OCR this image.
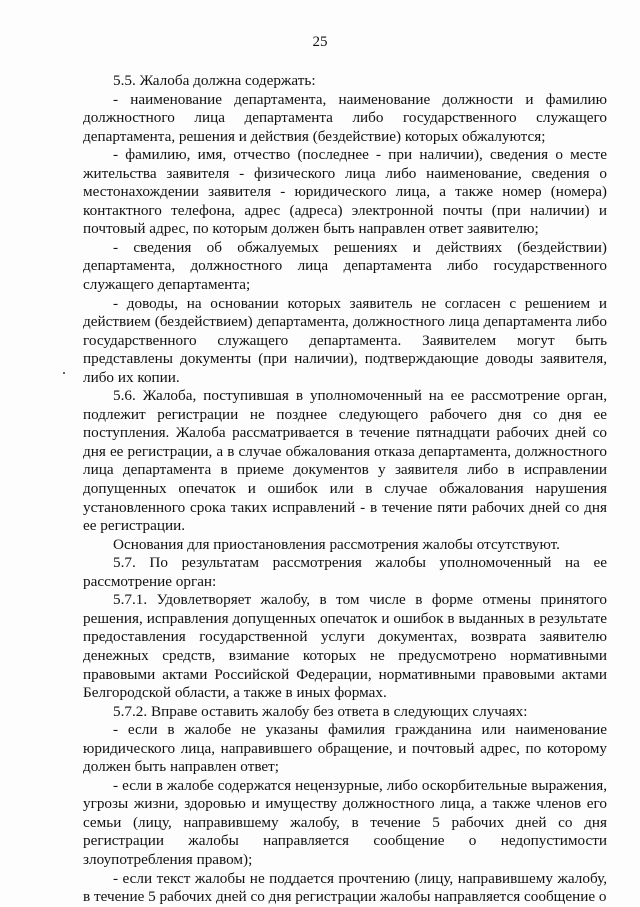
25

5.5. Жалоба должна содержать:

- наименование департамента, наименование должности и фамилию должностного лица департамента либо государственного служащего департамента, решения и действия (бездействие) которых обжалуются;

- фамилию, имя, отчество (последнее - при наличии), сведения о месте жительства заявителя - физического лица либо наименование, сведения о местонахождении заявителя - юридического лица, а также номер (номера) контактного телефона, адрес (адреса) электронной почты (при наличии) и почтовый адрес, по которым должен быть направлен ответ заявителю;

- сведения об обжалуемых решениях и действиях (бездействии) департамента, должностного лица департамента либо государственного служащего департамента;

- доводы, на основании которых заявитель не согласен с решением и действием (бездействием) департамента, должностного лица департамента либо государственного служащего департамента. Заявителем могут быть представлены документы (при наличии), подтверждающие доводы заявителя, либо их копии.

5.6. Жалоба, поступившая в уполномоченный на ее рассмотрение орган, подлежит регистрации не позднее следующего рабочего дня со дня ее поступления. Жалоба рассматривается в течение пятнадцати рабочих дней со дня ее регистрации, а в случае обжалования отказа департамента, должностного лица департамента в приеме документов у заявителя либо в исправлении допущенных опечаток и ошибок или в случае обжалования нарушения установленного срока таких исправлений - в течение пяти рабочих дней со дня ее регистрации.

Основания для приостановления рассмотрения жалобы отсутствуют.

5.7. По результатам рассмотрения жалобы уполномоченный на ее рассмотрение орган:

5.7.1. Удовлетворяет жалобу, в том числе в форме отмены принятого решения, исправления допущенных опечаток и ошибок в выданных в результате предоставления государственной услуги документах, возврата заявителю денежных средств, взимание которых не предусмотрено нормативными правовыми актами Российской Федерации, нормативными правовыми актами Белгородской области, а также в иных формах.

5.7.2. Вправе оставить жалобу без ответа в следующих случаях:

- если в жалобе не указаны фамилия гражданина или наименование юридического лица, направившего обращение, и почтовый адрес, по которому должен быть направлен ответ;

- если в жалобе содержатся нецензурные, либо оскорбительные выражения, угрозы жизни, здоровью и имуществу должностного лица, а также членов его семьи (лицу, направившему жалобу, в течение 5 рабочих дней со дня регистрации жалобы направляется сообщение о недопустимости злоупотребления правом);

- если текст жалобы не поддается прочтению (лицу, направившему жалобу, в течение 5 рабочих дней со дня регистрации жалобы направляется сообщение о
